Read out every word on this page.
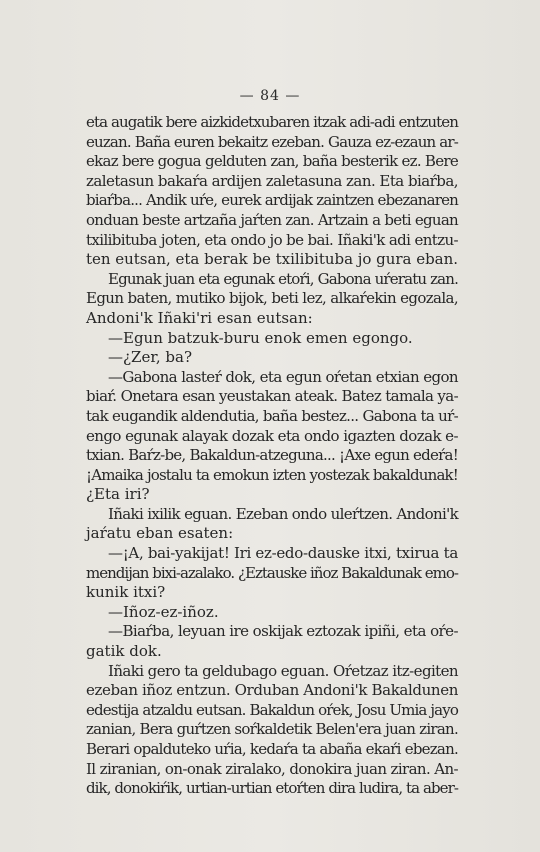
— 84 —
eta augatik bere aizkidetxubaren itzak adi-adi entzuten
euzan. Baña euren bekaitz ezeban. Gauza ez-ezaun ar-
ekaz bere gogua gelduten zan, baña besterik ez. Bere
zaletasun bakaŕa ardijen zaletasuna zan. Eta biaŕba,
biaŕba... Andik uŕe, eurek ardijak zaintzen ebezanaren
onduan beste artzaña jaŕten zan. Artzain a beti eguan
txilibituba joten, eta ondo jo be bai. Iñaki'k adi entzu-
ten eutsan, eta berak be txilibituba jo gura eban.
Egunak juan eta egunak etoŕi, Gabona uŕeratu zan.
Egun baten, mutiko bijok, beti lez, alkaŕekin egozala,
Andoni'k Iñaki'ri esan eutsan:
—Egun batzuk-buru enok emen egongo.
—¿Zer, ba?
—Gabona lasteŕ dok, eta egun oŕetan etxian egon
biaŕ. Onetara esan yeustakan ateak. Batez tamala ya-
tak eugandik aldendutia, baña bestez... Gabona ta uŕ-
engo egunak alayak dozak eta ondo igazten dozak e-
txian. Baŕz-be, Bakaldun-atzeguna... ¡Axe egun edeŕa!
¡Amaika jostalu ta emokun izten yostezak bakaldunak!
¿Eta iri?
Iñaki ixilik eguan. Ezeban ondo uleŕtzen. Andoni'k
jaŕatu eban esaten:
—¡A, bai-yakijat! Iri ez-edo-dauske itxi, txirua ta
mendijan bixi-azalako. ¿Eztauske iñoz Bakaldunak emo-
kunik itxi?
—Iñoz-ez-iñoz.
—Biaŕba, leyuan ire oskijak eztozak ipiñi, eta oŕe-
gatik dok.
Iñaki gero ta geldubago eguan. Oŕetzaz itz-egiten
ezeban iñoz entzun. Orduban Andoni'k Bakaldunen
edestija atzaldu eutsan. Bakaldun oŕek, Josu Umia jayo
zanian, Bera guŕtzen soŕkaldetik Belen'era juan ziran.
Berari opalduteko uŕia, kedaŕa ta abaña ekaŕi ebezan.
Il ziranian, on-onak ziralako, donokira juan ziran. An-
dik, donokiŕik, urtian-urtian etoŕten dira ludira, ta aber-
